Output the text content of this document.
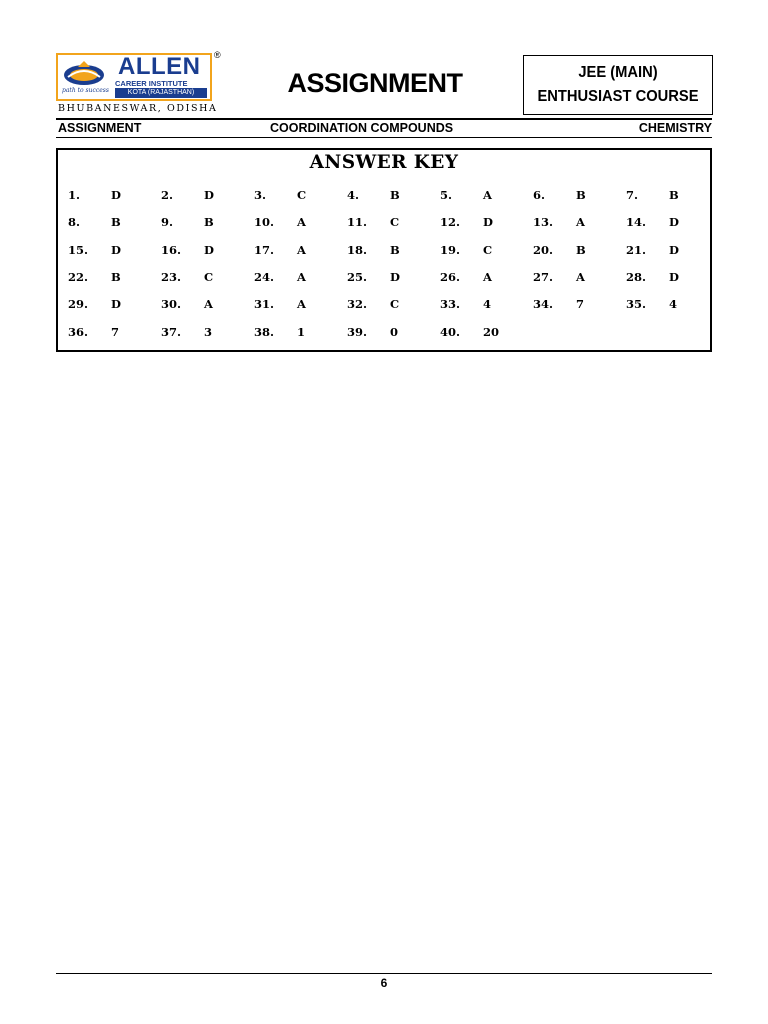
path to success
ALLEN
CAREER INSTITUTE
KOTA (RAJASTHAN)
®
BHUBANESWAR, ODISHA
ASSIGNMENT	JEE (MAIN)
ENTHUSIAST COURSE
ASSIGNMENT	COORDINATION COMPOUNDS	CHEMISTRY
ANSWER KEY
1.	D	2.	D	3.	C	4.	B	5.	A	6.	B	7.	B
8.	B	9.	B	10. A	11. C	12. D	13. A	14. D
15. D	16. D	17. A	18. B	19. C	20. B	21. D
22. B	23. C	24. A	25. D	26. A	27. A	28. D
29. D	30. A	31. A	32. C	33. 4	34. 7	35. 4
36. 7	37. 3	38. 1	39. 0	40. 20
6
